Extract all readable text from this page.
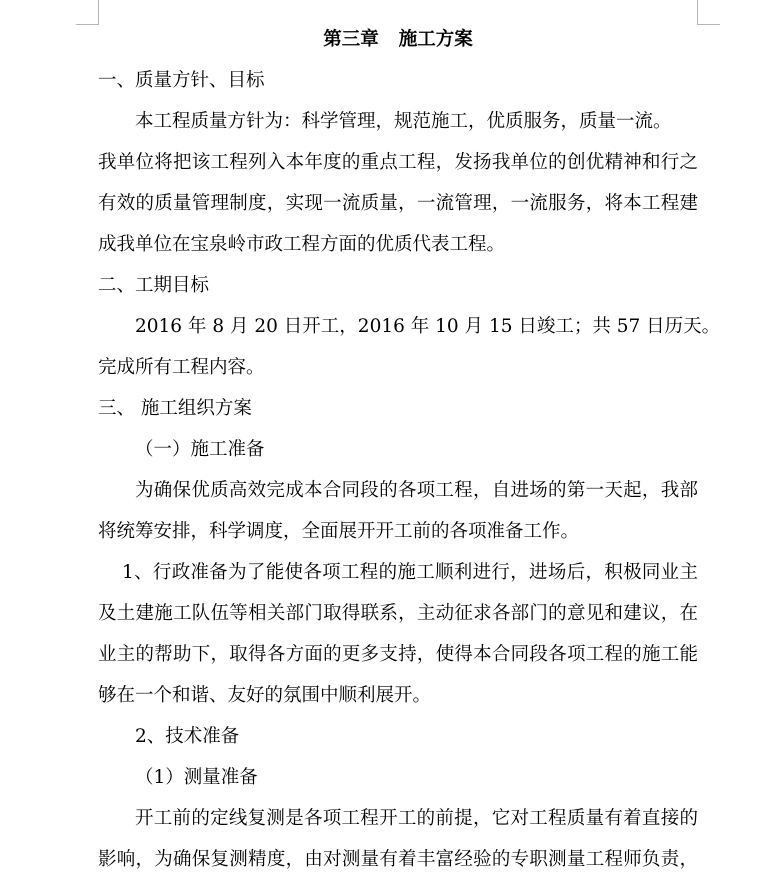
第三章 施工方案
一、质量方针、目标
本工程质量方针为：科学管理，规范施工，优质服务，质量一流。
我单位将把该工程列入本年度的重点工程，发扬我单位的创优精神和行之
有效的质量管理制度，实现一流质量，一流管理，一流服务，将本工程建
成我单位在宝泉岭市政工程方面的优质代表工程。
二、工期目标
2016 年 8 月 20 日开工，2016 年 10 月 15 日竣工；共 57 日历天。
完成所有工程内容。
三、 施工组织方案
（一）施工准备
为确保优质高效完成本合同段的各项工程，自进场的第一天起，我部
将统筹安排，科学调度，全面展开开工前的各项准备工作。
1、行政准备为了能使各项工程的施工顺利进行，进场后，积极同业主
及土建施工队伍等相关部门取得联系，主动征求各部门的意见和建议，在
业主的帮助下，取得各方面的更多支持，使得本合同段各项工程的施工能
够在一个和谐、友好的氛围中顺利展开。
2、技术准备
（1）测量准备
开工前的定线复测是各项工程开工的前提，它对工程质量有着直接的
影响，为确保复测精度，由对测量有着丰富经验的专职测量工程师负责，
